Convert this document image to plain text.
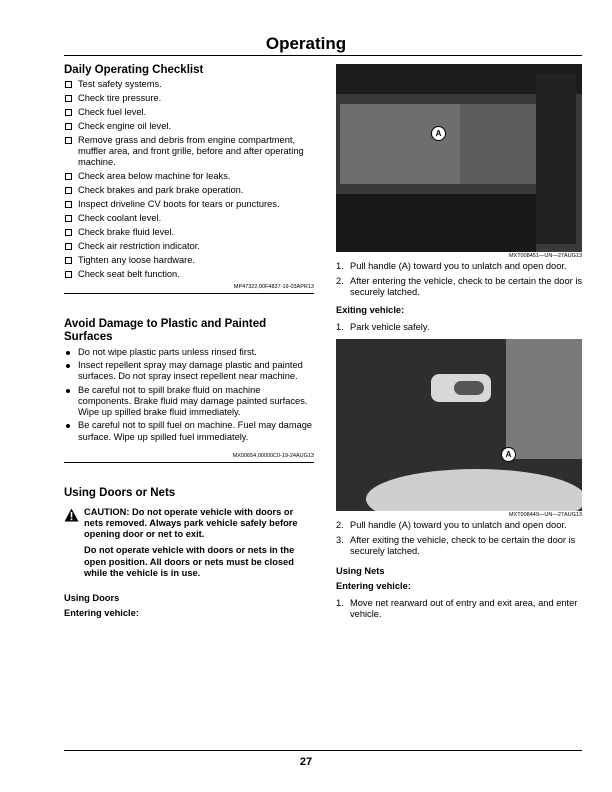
Operating
Daily Operating Checklist
Test safety systems.
Check tire pressure.
Check fuel level.
Check engine oil level.
Remove grass and debris from engine compartment, muffler area, and front grille, before and after operating machine.
Check area below machine for leaks.
Check brakes and park brake operation.
Inspect driveline CV boots for tears or punctures.
Check coolant level.
Check brake fluid level.
Check air restriction indicator.
Tighten any loose hardware.
Check seat belt function.
MP47322,00F4837-19-03APR13
Avoid Damage to Plastic and Painted Surfaces
Do not wipe plastic parts unless rinsed first.
Insect repellent spray may damage plastic and painted surfaces. Do not spray insect repellent near machine.
Be careful not to spill brake fluid on machine components. Brake fluid may damage painted surfaces. Wipe up spilled brake fluid immediately.
Be careful not to spill fuel on machine. Fuel may damage surface. Wipe up spilled fuel immediately.
MX00654,00000C0-19-24AUG13
Using Doors or Nets

CAUTION: Do not operate vehicle with doors or nets removed. Always park vehicle safely before opening door or net to exit.

Do not operate vehicle with doors or nets in the open position. All doors or nets must be closed while the vehicle is in use.

Using Doors
Entering vehicle:
A
MXT008451—UN—27AUG13
1. Pull handle (A) toward you to unlatch and open door.
2. After entering the vehicle, check to be certain the door is securely latched.
Exiting vehicle:
1. Park vehicle safely.
A
MXT008449—UN—27AUG13
2. Pull handle (A) toward you to unlatch and open door.
3. After exiting the vehicle, check to be certain the door is securely latched.
Using Nets
Entering vehicle:
1. Move net rearward out of entry and exit area, and enter vehicle.
27
